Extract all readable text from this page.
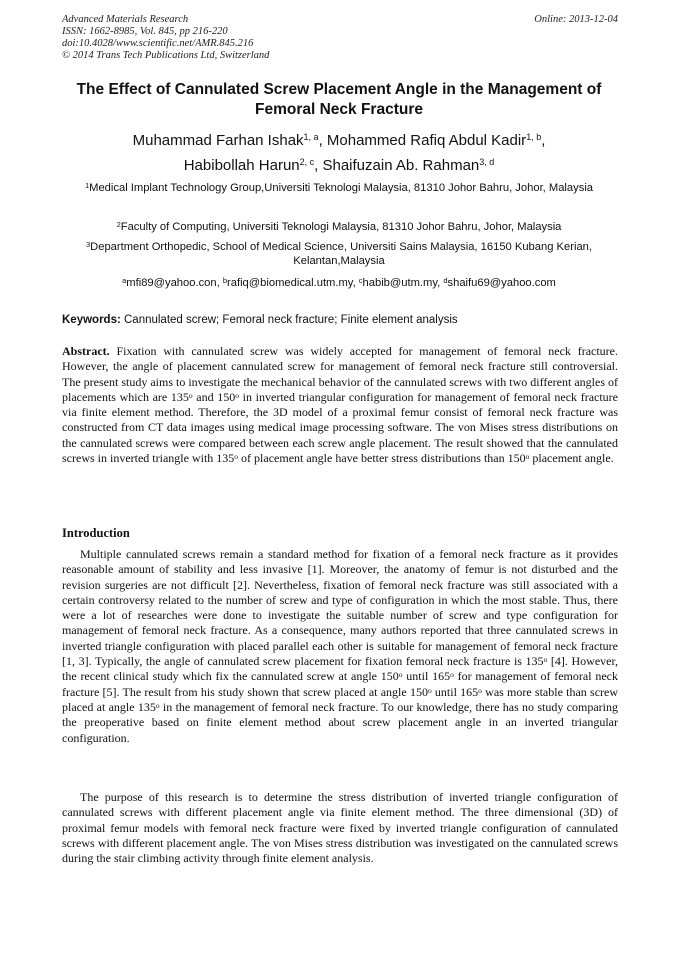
Advanced Materials Research
ISSN: 1662-8985, Vol. 845, pp 216-220
doi:10.4028/www.scientific.net/AMR.845.216
© 2014 Trans Tech Publications Ltd, Switzerland
Online: 2013-12-04
The Effect of Cannulated Screw Placement Angle in the Management of Femoral Neck Fracture
Muhammad Farhan Ishak$^{1, a}$, Mohammed Rafiq Abdul Kadir$^{1, b}$,
Habibollah Harun$^{2, c}$, Shaifuzain Ab. Rahman$^{3, d}$
$^1$Medical Implant Technology Group,Universiti Teknologi Malaysia, 81310 Johor Bahru, Johor, Malaysia
$^2$Faculty of Computing, Universiti Teknologi Malaysia, 81310 Johor Bahru, Johor, Malaysia
$^3$Department Orthopedic, School of Medical Science, Universiti Sains Malaysia, 16150 Kubang Kerian, Kelantan,Malaysia
$^a$mfi89@yahoo.con, $^b$rafiq@biomedical.utm.my, $^c$habib@utm.my, $^d$shaifu69@yahoo.com
Keywords: Cannulated screw; Femoral neck fracture; Finite element analysis
Abstract. Fixation with cannulated screw was widely accepted for management of femoral neck fracture. However, the angle of placement cannulated screw for management of femoral neck fracture still controversial. The present study aims to investigate the mechanical behavior of the cannulated screws with two different angles of placements which are 135$^o$ and 150$^o$ in inverted triangular configuration for management of femoral neck fracture via finite element method. Therefore, the 3D model of a proximal femur consist of femoral neck fracture was constructed from CT data images using medical image processing software. The von Mises stress distributions on the cannulated screws were compared between each screw angle placement. The result showed that the cannulated screws in inverted triangle with 135$^o$ of placement angle have better stress distributions than 150$^o$ placement angle.
Introduction
Multiple cannulated screws remain a standard method for fixation of a femoral neck fracture as it provides reasonable amount of stability and less invasive [1]. Moreover, the anatomy of femur is not disturbed and the revision surgeries are not difficult [2]. Nevertheless, fixation of femoral neck fracture was still associated with a certain controversy related to the number of screw and type of configuration in which the most stable. Thus, there were a lot of researches were done to investigate the suitable number of screw and type configuration for management of femoral neck fracture. As a consequence, many authors reported that three cannulated screws in inverted triangle configuration with placed parallel each other is suitable for management of femoral neck fracture [1, 3]. Typically, the angle of cannulated screw placement for fixation femoral neck fracture is 135$^o$ [4]. However, the recent clinical study which fix the cannulated screw at angle 150$^o$ until 165$^o$ for management of femoral neck fracture [5]. The result from his study shown that screw placed at angle 150$^o$ until 165$^o$ was more stable than screw placed at angle 135$^o$ in the management of femoral neck fracture. To our knowledge, there has no study comparing the preoperative based on finite element method about screw placement angle in an inverted triangular configuration.
The purpose of this research is to determine the stress distribution of inverted triangle configuration of cannulated screws with different placement angle via finite element method. The three dimensional (3D) of proximal femur models with femoral neck fracture were fixed by inverted triangle configuration of cannulated screws with different placement angle. The von Mises stress distribution was investigated on the cannulated screws during the stair climbing activity through finite element analysis.
